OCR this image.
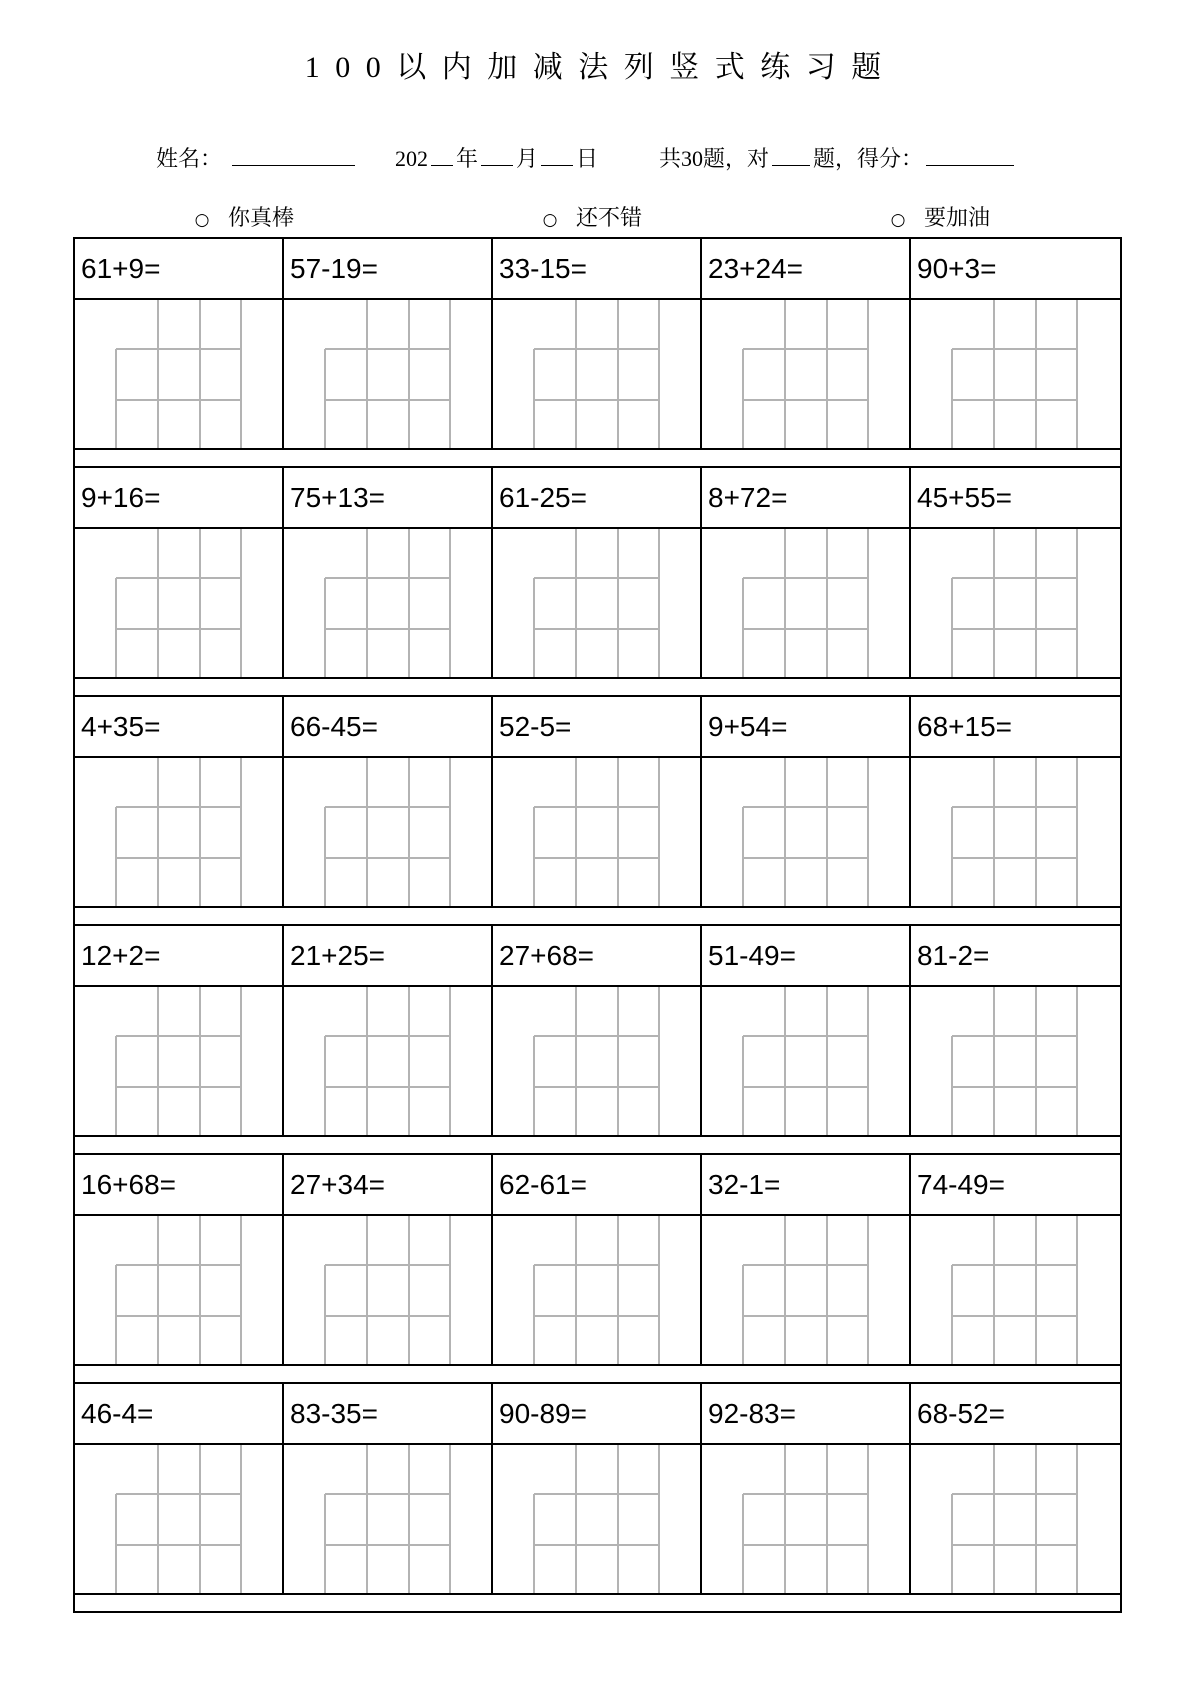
1 0 0 以 内 加 减 法 列 竖 式 练 习 题
姓名：	202 年 月 日	共30题，对 题，得分：
○ 你真棒	○ 还不错	○ 要加油
61+9=	57-19=	33-15=	23+24=	90+3=
9+16=	75+13=	61-25=	8+72=	45+55=
4+35=	66-45=	52-5=	9+54=	68+15=
12+2=	21+25=	27+68=	51-49=	81-2=
16+68=	27+34=	62-61=	32-1=	74-49=
46-4=	83-35=	90-89=	92-83=	68-52=
